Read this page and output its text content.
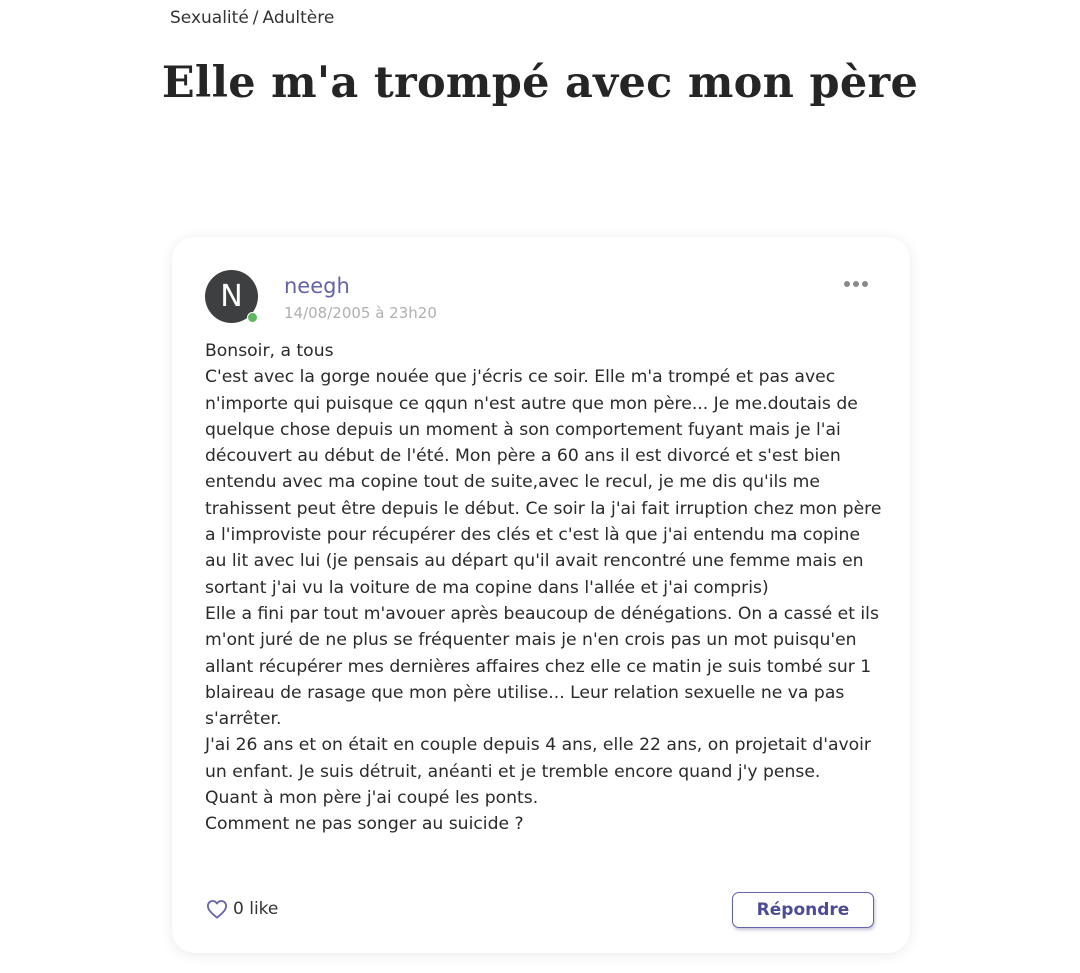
Sexualité / Adultère
Elle m'a trompé avec mon père
N	neegh
14/08/2005 à 23h20

Bonsoir, a tous

C'est avec la gorge nouée que j'écris ce soir. Elle m'a trompé et pas avec n'importe qui puisque ce qqun n'est autre que mon père... Je me.doutais de quelque chose depuis un moment à son comportement fuyant mais je l'ai découvert au début de l'été. Mon père a 60 ans il est divorcé et s'est bien entendu avec ma copine tout de suite,avec le recul, je me dis qu'ils me trahissent peut être depuis le début. Ce soir la j'ai fait irruption chez mon père a l'improviste pour récupérer des clés et c'est là que j'ai entendu ma copine au lit avec lui (je pensais au départ qu'il avait rencontré une femme mais en sortant j'ai vu la voiture de ma copine dans l'allée et j'ai compris)

Elle a fini par tout m'avouer après beaucoup de dénégations. On a cassé et ils m'ont juré de ne plus se fréquenter mais je n'en crois pas un mot puisqu'en allant récupérer mes dernières affaires chez elle ce matin je suis tombé sur 1 blaireau de rasage que mon père utilise... Leur relation sexuelle ne va pas s'arrêter.

J'ai 26 ans et on était en couple depuis 4 ans, elle 22 ans, on projetait d'avoir un enfant. Je suis détruit, anéanti et je tremble encore quand j'y pense.

Quant à mon père j'ai coupé les ponts.

Comment ne pas songer au suicide ?

0 like	Répondre
